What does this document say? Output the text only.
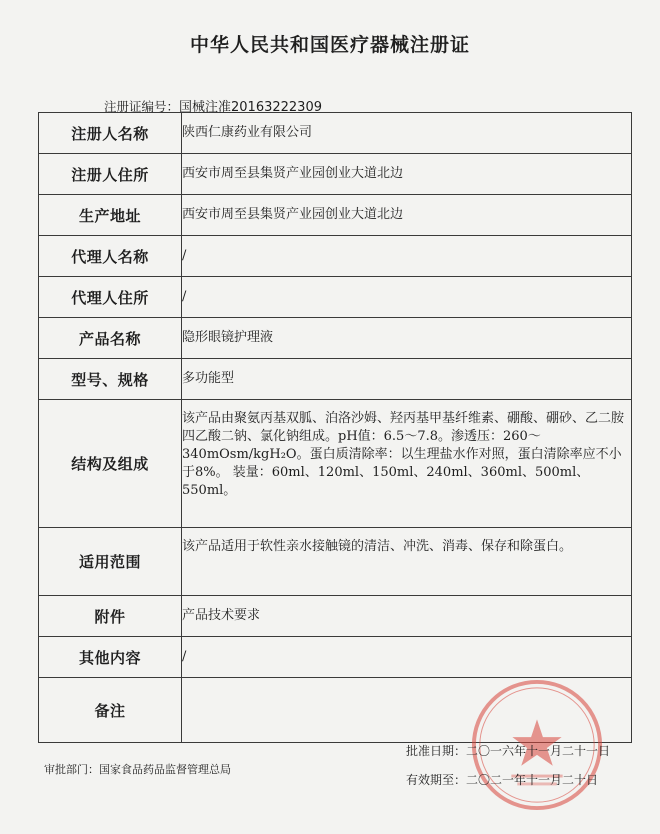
中华人民共和国医疗器械注册证
注册证编号：国械注准20163222309
注册人名称	陕西仁康药业有限公司
注册人住所	西安市周至县集贤产业园创业大道北边
生产地址	西安市周至县集贤产业园创业大道北边
代理人名称	/
代理人住所	/
产品名称	隐形眼镜护理液
型号、规格	多功能型
结构及组成	该产品由聚氨丙基双胍、泊洛沙姆、羟丙基甲基纤维素、硼酸、硼砂、乙二胺四乙酸二钠、氯化钠组成。pH值：6.5～7.8。渗透压：260～340mOsm/kgH₂O。蛋白质清除率：以生理盐水作对照，蛋白清除率应不小于8%。 装量：60ml、120ml、150ml、240ml、360ml、500ml、550ml。
适用范围	该产品适用于软性亲水接触镜的清洁、冲洗、消毒、保存和除蛋白。
附件	产品技术要求
其他内容	/
备注	
审批部门：国家食品药品监督管理总局
批准日期：二〇一六年十一月二十一日
有效期至：二〇二一年十一月二十日
